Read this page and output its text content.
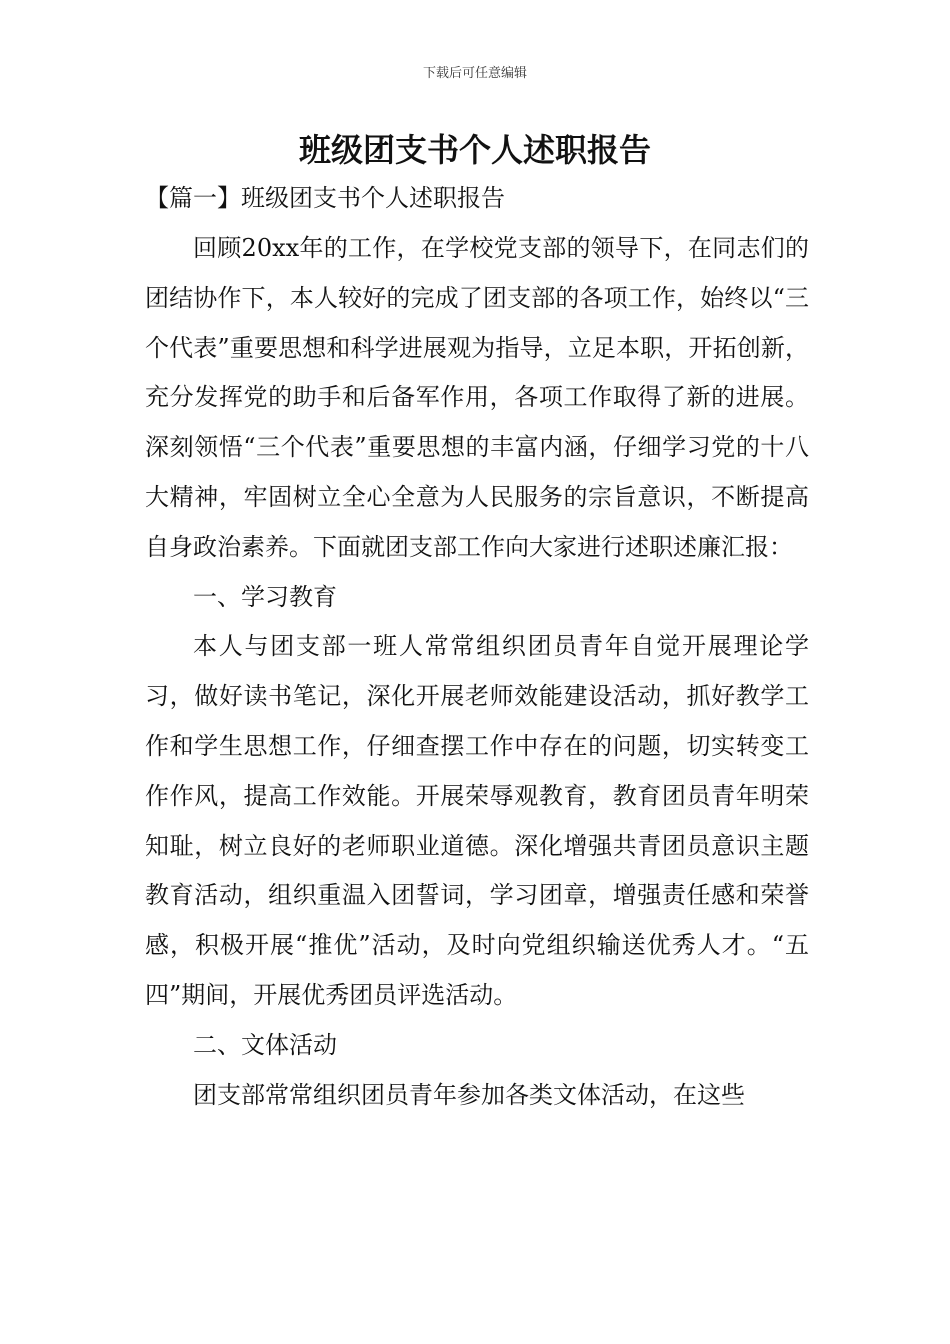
下载后可任意编辑
班级团支书个人述职报告

【篇一】班级团支书个人述职报告

回顾20xx年的工作，在学校党支部的领导下，在同志们的团结协作下，本人较好的完成了团支部的各项工作，始终以“三个代表”重要思想和科学进展观为指导，立足本职，开拓创新，充分发挥党的助手和后备军作用，各项工作取得了新的进展。深刻领悟“三个代表”重要思想的丰富内涵，仔细学习党的十八大精神，牢固树立全心全意为人民服务的宗旨意识，不断提高自身政治素养。下面就团支部工作向大家进行述职述廉汇报：

一、学习教育

本人与团支部一班人常常组织团员青年自觉开展理论学习，做好读书笔记，深化开展老师效能建设活动，抓好教学工作和学生思想工作，仔细查摆工作中存在的问题，切实转变工作作风，提高工作效能。开展荣辱观教育，教育团员青年明荣知耻，树立良好的老师职业道德。深化增强共青团员意识主题教育活动，组织重温入团誓词，学习团章，增强责任感和荣誉感，积极开展“推优”活动，及时向党组织输送优秀人才。“五四”期间，开展优秀团员评选活动。

二、文体活动

团支部常常组织团员青年参加各类文体活动，在这些
